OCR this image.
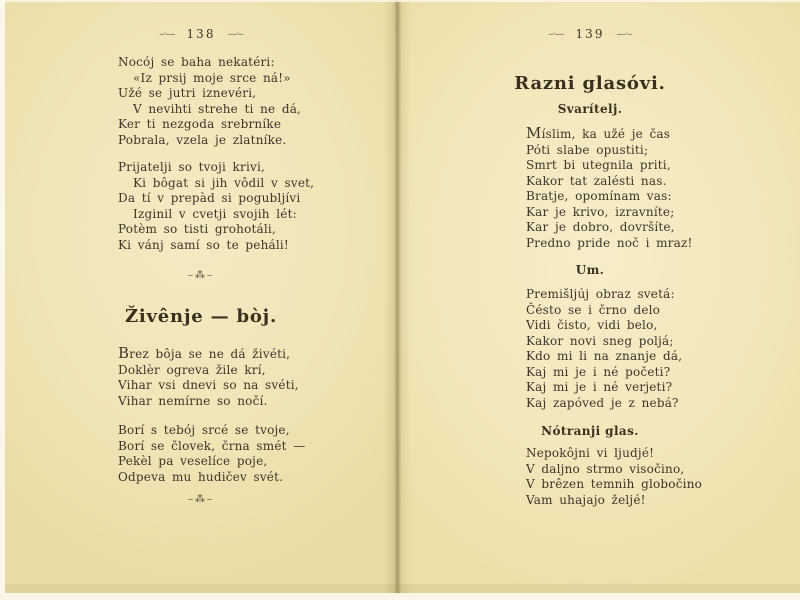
–·— 138 —·–
Nocój se baha nekatéri:
«Iz prsij moje srce ná!»
Užé se jutri iznevéri,
V nevihti strehe ti ne dá,
Ker ti nezgoda srebrníke
Pobrala, vzela je zlatníke.
Prijatelji so tvoji krivi,
Ki bôgat si jih vôdil v svet,
Da tí v prepàd si pogubljívi
Izginil v cvetji svojih lét:
Potèm so tisti grohotáli,
Ki vánj samí so te peháli!
–⁂–
Živênje — bòj.
Brez bôja se ne dá živéti,
Doklèr ogreva žile krí,
Vihar vsi dnevi so na svéti,
Vihar nemírne so nočí.
Borí s tebój srcé se tvoje,
Borí se človek, črna smét —
Pekèl pa veselíce poje,
Odpeva mu hudičev svét.
–⁂–
–·— 139 —·–
Razni glasóvi.
Svarítelj.
Míslim, ka užé je čas
Póti slabe opustiti;
Smrt bi utegnila priti,
Kakor tat zalésti nas.
Bratje, opomínam vas:
Kar je krivo, izravníte;
Kar je dobro, dovršíte,
Predno pride noč i mraz!
Um.
Premišljúj obraz svetá:
Čésto se i črno delo
Vidi čisto, vidi belo,
Kakor novi sneg poljá;
Kdo mi li na znanje dá,
Kaj mi je i né početi?
Kaj mi je i né verjeti?
Kaj zapóved je z nebá?
Nótranji glas.
Nepokôjni vi ljudjé!
V daljno strmo visočino,
V brêzen temnih globočino
Vam uhajajo željé!
